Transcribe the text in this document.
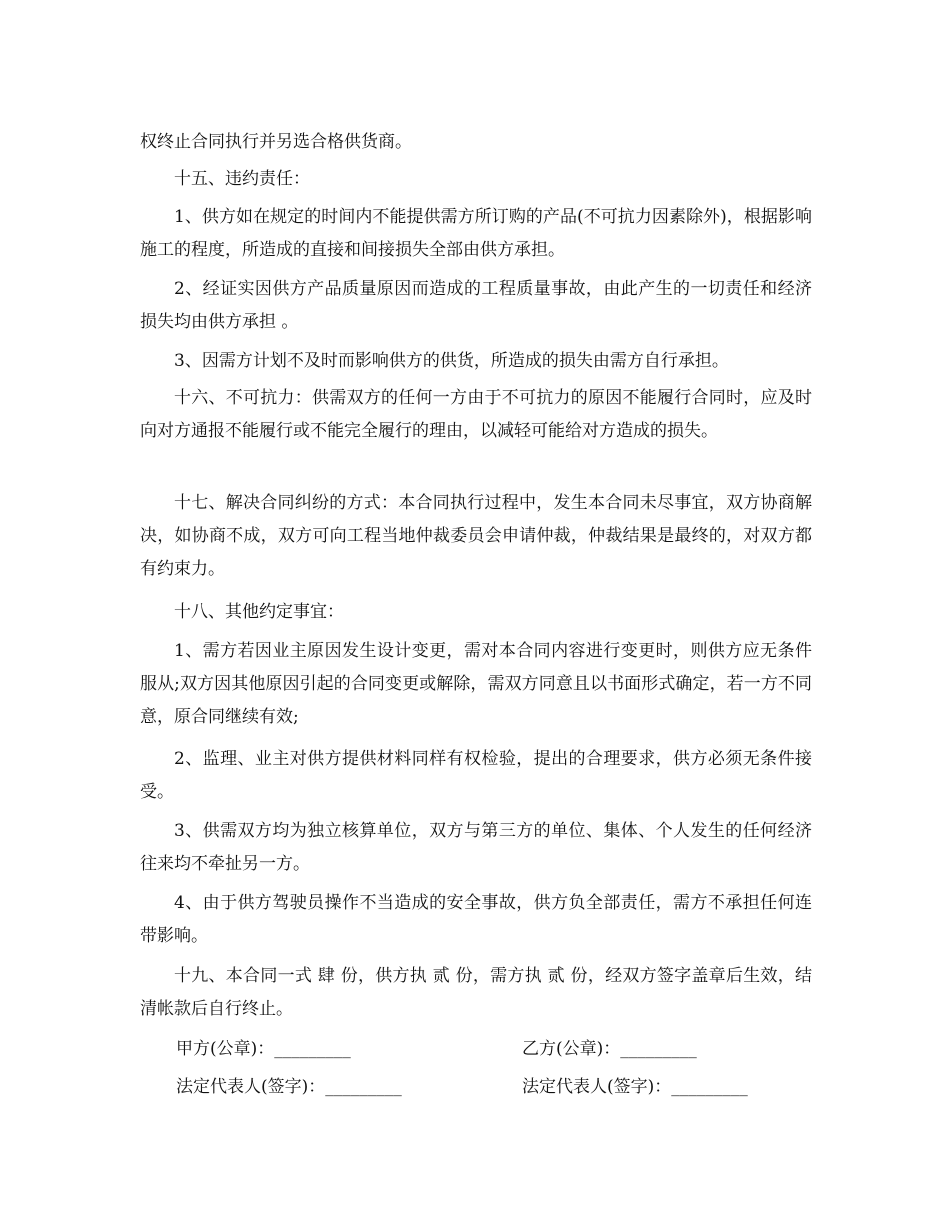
权终止合同执行并另选合格供货商。

十五、违约责任：

1、供方如在规定的时间内不能提供需方所订购的产品(不可抗力因素除外)，根据影响施工的程度，所造成的直接和间接损失全部由供方承担。

2、经证实因供方产品质量原因而造成的工程质量事故，由此产生的一切责任和经济损失均由供方承担 。

3、因需方计划不及时而影响供方的供货，所造成的损失由需方自行承担。

十六、不可抗力：供需双方的任何一方由于不可抗力的原因不能履行合同时，应及时向对方通报不能履行或不能完全履行的理由，以减轻可能给对方造成的损失。

十七、解决合同纠纷的方式：本合同执行过程中，发生本合同未尽事宜，双方协商解决，如协商不成，双方可向工程当地仲裁委员会申请仲裁，仲裁结果是最终的，对双方都有约束力。

十八、其他约定事宜：

1、需方若因业主原因发生设计变更，需对本合同内容进行变更时，则供方应无条件服从;双方因其他原因引起的合同变更或解除，需双方同意且以书面形式确定，若一方不同意，原合同继续有效;

2、监理、业主对供方提供材料同样有权检验，提出的合理要求，供方必须无条件接受。

3、供需双方均为独立核算单位，双方与第三方的单位、集体、个人发生的任何经济往来均不牵扯另一方。

4、由于供方驾驶员操作不当造成的安全事故，供方负全部责任，需方不承担任何连带影响。

十九、本合同一式 肆 份，供方执 贰 份，需方执 贰 份，经双方签字盖章后生效，结清帐款后自行终止。

甲方(公章)：_________	乙方(公章)：_________
法定代表人(签字)：_________	法定代表人(签字)：_________
